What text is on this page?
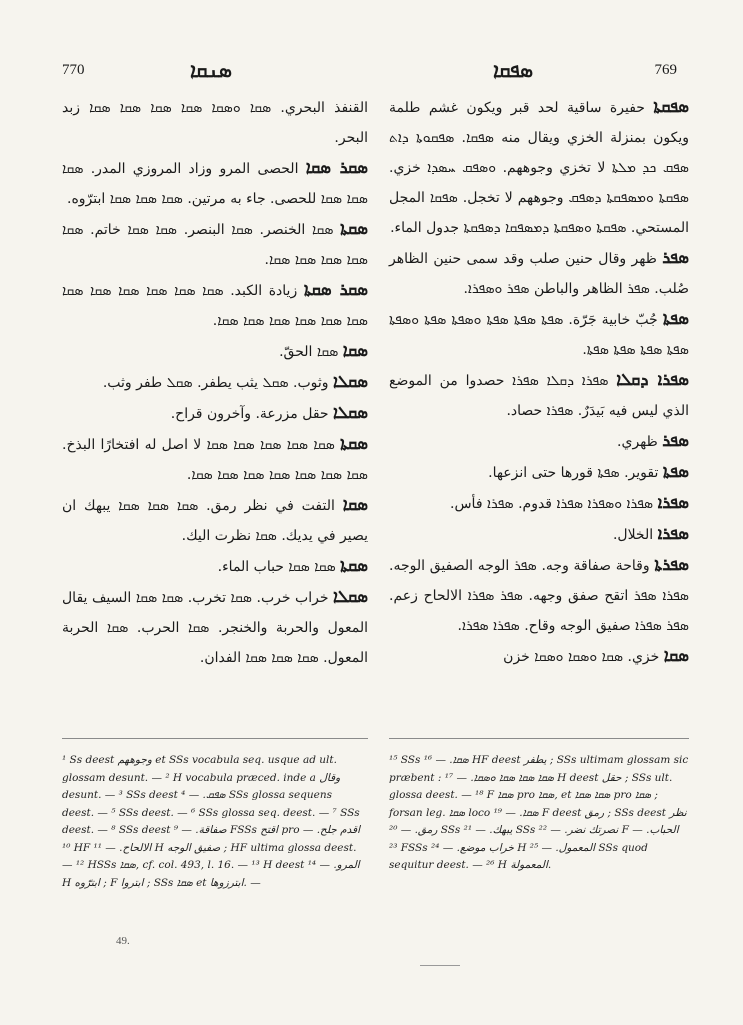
770	ܣܢܩܐ	ܣܦܩܐ	769

القنفذ البحري. ܣܩܐ ܘܣܩܐ ܣܩܐ ܣܩܐ ܣܩܐ ܣܩܐ زبد البحر.

ܣܩܪ ܣܩܐ الحصى المرو وزاد المروزي المدر. ܣܩܐ ܣܩܐ ܣܩܐ للحصى. جاء به مرتين. ܣܩܐ ܣܩܐ ܣܩܐ ابترّوه.

ܣܩܬܐ ܣܩܐ الخنصر. ܣܩܐ البنصر. ܣܩܐ ܣܩܐ خاتم. ܣܩܐ ܣܩܐ ܣܩܐ ܣܩܐ ܣܩܐ.

ܣܩܪ ܣܩܬܐ زيادة الكبد. ܣܩܐ ܣܩܐ ܣܩܐ ܣܩܐ ܣܩܐ ܣܩܐ ܣܩܐ ܣܩܐ ܣܩܐ ܣܩܐ ܣܩܐ ܣܩܐ.

ܣܩܐ ܣܩܐ الحقّ.

ܣܩܠܐ وثوب. ܣܩܠ يثب يطفر. ܣܩܠ طفر وثب.

ܣܩܠܐ حقل مزرعة. وآخرون قراح.

ܣܩܬܐ ܣܩܐ ܣܩܐ ܣܩܐ ܣܩܐ ܣܩܐ لا اصل له افتخارًا البذخ. ܣܩܐ ܣܩܐ ܣܩܐ ܣܩܐ ܣܩܐ ܣܩܐ ܣܩܐ.

ܣܩܐ التفت في نظر رمق. ܣܩܐ ܣܩܐ ܣܩܐ يبهك ان يصير في يديك. ܣܩܐ نظرت اليك.

ܣܩܬܐ ܣܩܐ ܣܩܐ حباب الماء.

ܣܩܠܐ خراب خرب. ܣܩܐ تخرب. ܣܩܐ ܣܩܐ السيف يقال المعول والحربة والخنجر. ܣܩܐ الحرب. ܣܩܐ الحربة المعول. ܣܩܐ ܣܩܐ ܣܩܐ الفدان.

ܣܦܩܬܐ حفيرة ساقية لحد قبر ويكون غشم طلمة ويكون بمنزلة الخزي ويقال منه ܣܦܩܐ. ܣܦܩܘܬܐ ܕܐܬ ܣܦܩ ܟܕ ܡܠܬܐ لا تخزي وجوههم. ܘܣܦܩ ܚܣܕܐ خزي. ܣܦܩܬܐ ܘܡܣܦܩܬܐ ܕܣܦܩ وجوههم لا تخجل. ܣܦܩܐ المجل المستحي. ܣܦܩܬܐ ܘܣܦܩܬܐ ܕܡܣܦܩܐ ܕܣܦܩܬܐ جدول الماء.

ܣܦܪ ظهر وقال حنين صلب وقد سمى حنين الظاهر صُلب. ܣܦܪ الظاهر والباطن ܣܦܪ ܘܣܦܪܐ.

ܣܦܬܐ جُبّ خابية جَرّة. ܣܦܬܐ ܣܦܬܐ ܣܦܬܐ ܘܣܦܬܐ ܣܦܬܐ ܘܣܦܬܐ ܣܦܬܐ ܣܦܬܐ ܣܦܬܐ ܣܦܬܐ.

ܣܦܪܐ ܕܩܠܐ ܣܦܪܐ ܕܩܠܐ ܣܦܪܐ حصدوا من الموضع الذي ليس فيه بَيدَرٌ. ܣܦܪܐ حصاد.

ܣܦܪ ظهري.

ܣܦܬܐ تقوير. ܣܦܬܐ قورها حتى انزعها.

ܣܦܪܐ ܣܦܪܐ ܘܣܦܪܐ ܣܦܪܐ قدوم. ܣܦܪܐ فأس.

ܣܦܪܐ الخلال.

ܣܦܪܬܐ وقاحة صفاقة وجه. ܣܦܪ الوجه الصفيق الوجه. ܣܦܪܐ ܣܦܪ اتقح صفق وجهه. ܣܦܪ ܣܦܪܐ الالحاح زعم. ܣܦܪ ܣܦܪܐ صفيق الوجه وقاح. ܣܦܪܐ ܣܦܪܐ.

ܣܩܐ خزي. ܣܩܐ ܘܣܩܐ ܘܣܩܐ خزن

¹ Ss deest وجوههم et SSs vocabula seq. usque ad ult. glossam desunt. — ² H vocabula præced. inde a وقال desunt. — ³ SSs deest ܣܦܩ. — ⁴ SSs glossa sequens deest. — ⁵ SSs deest. — ⁶ SSs glossa seq. deest. — ⁷ SSs deest. — ⁸ SSs deest صفاقة. — ⁹ FSSs اقتح pro اقدم جلح. — ¹⁰ HF الالحاح. — ¹¹ H صفيق الوجه ; HF ultima glossa deest. — ¹² HSSs ܣܩܐ, cf. col. 493, l. 16. — ¹³ H deest المرو. — ¹⁴ H ابترّوه ; F ابتروا ; SSs ܣܩܐ et ابترزوها. —
¹⁵ SSs ܣܩܐ. — ¹⁶ HF deest يطفر ; SSs ultimam glossam sic præbent : ܣܩܐ ܣܩܐ ܣܩܐ ܘܣܩܐ. — ¹⁷ H deest حقل ; SSs ult. glossa deest. — ¹⁸ F ܣܩܐ pro ܣܩܐ, et ܣܩܐ ܣܩܐ pro ܣܩܐ ; forsan leg. ܣܩܐ loco ܣܩܐ. — ¹⁹ F deest رمق ; SSs deest نظر رمق. — ²⁰ SSs يبهك. — ²¹ SSs نصرتك نضر. — ²² F الحباب. — ²³ FSSs خراب موضع. — ²⁴ H المعمول. — ²⁵ SSs quod sequitur deest. — ²⁶ H المعمولة.
49.
